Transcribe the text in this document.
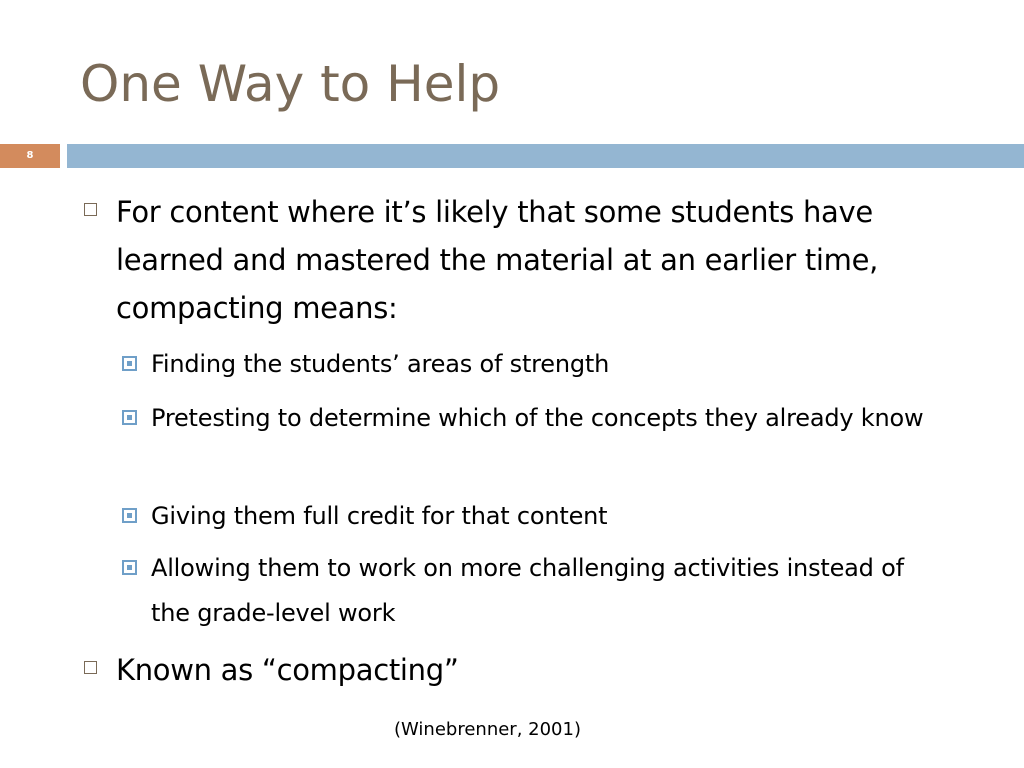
One Way to Help
8
For content where it’s likely that some students have learned and mastered the material at an earlier time, compacting means:
Finding the students’ areas of strength
Pretesting to determine which of the concepts they already know
Giving them full credit for that content
Allowing them to work on more challenging activities instead of the grade-level work
Known as “compacting”
(Winebrenner, 2001)
